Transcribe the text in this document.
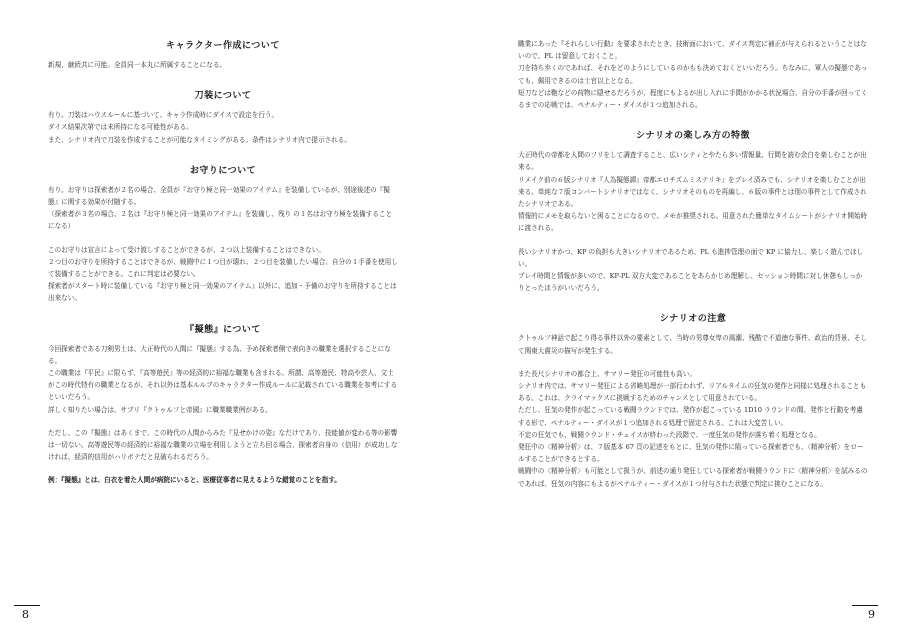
キャラクター作成について

新規、継続共に可能。全員同一本丸に所属することになる。

刀装について

有り。刀装はハウスルールに基づいて、キャラ作成時にダイスで設定を行う。

ダイス結果次第では未所持になる可能性がある。

また、シナリオ内で刀装を作成することが可能なタイミングがある。条件はシナリオ内で提示される。

お守りについて

有り。お守りは探索者が２名の場合、全員が『お守り極と同一効果のアイテム』を装備しているが、別途後述の『擬態』に関する効果が付随する。

（探索者が３名の場合、２名は『お守り極と同一効果のアイテム』を装備し、残り の１名はお守り極を装備すること になる）

このお守りは宣言によって受け渡しすることができるが、２つ以上装備することはできない。

２つ目のお守りを所持することはできるが、戦闘中に１つ目が壊れ、２つ目を装備したい場合、自分の１手番を使用して装備することができる。これに判定は必要ない。

探索者がスタート時に装備している『お守り極と同一効果のアイテム』以外に、追加・予備のお守りを所持することは出来ない。

『擬態』について

今回探索者である刀剣男士は、大正時代の人間に『擬態』する為、予め探索者側で表向きの職業を選択することになる。

この職業は『平民』に限らず、『高等遊民』等の経済的に裕福な職業も含まれる。所謂、高等遊民、特高や芸人、文士がこの時代特有の職業となるが、それ以外は基本ルルブのキャラクター作成ルールに記載されている職業を参考にするといいだろう。

詳しく知りたい場合は、サプリ『クトゥルフと帝國』に職業職業例がある。

ただし、この『擬態』はあくまで、この時代の人間からみた『見せかけの姿』なだけであり、技能値が変わる等の影響は一切ない。高等遊民等の経済的に裕福な職業の立場を利用しようと立ち回る場合、探索者自身の（信用）が成功しなければ、経済的信用がハリボテだと見破られるだろう。

例：『擬態』とは、白衣を着た人間が病院にいると、医療従事者に見えるような錯覚のことを指す。

8

職業にあった『それらしい行動』を要求されたとき、技術面において、ダイス判定に補正が与えられるということはないので、PL は留意しておくこと。

刀を持ち歩くのであれば、それをどのようにしているのかもも決めておくといいだろう。ちなみに、軍人の擬態であっても、佩用できるのは士官以上となる。

短刀などは鞄などの荷物に隠せるだろうが、程度にもよるが出し入れに手間がかかる状況場合、自分の手番が回ってくるまでの応戦では、ペナルティー・ダイスが１つ追加される。

シナリオの楽しみ方の特徴

大正時代の帝都を人間のフリをして調査すること、広いシティとやたら多い情報量、行間を読む余白を楽しむことが出来る。

リメイク前の６版シナリオ『人為擬態譚』帝都エロチズムミステリキ』をプレイ済みでも、シナリオを楽しむことが出来る。単純な７版コンバートシナリオではなく、シナリオそのものを再編し、６版の事件とは別の事件として作成されたシナリオである。

情報的にメモを取らないと困ることになるので、メモが推奨される。用意された簡単なタイムシートがシナリオ開始時に渡される。

長いシナリオかつ、KP の負担も大きいシナリオであるため、PL も進捗管理の面で KP に協力し、楽しく遊んでほしい。

プレイ時間と情報が多いので、KP-PL 双方大変であることをあらかじめ理解し、セッション時間に対し休憩もしっかりとったほうがいいだろう。

シナリオの注意

クトゥルフ神話で起こり得る事件以外の要素として、当時の男尊女卑の風潮、残酷で不道徳な事件、政治的背景、そして関東大震災の描写が発生する。

また長尺シナリオの都合上、サマリー発狂の可能性も高い。

シナリオ内では、サマリー発狂による省略処理が一部行われず、リアルタイムの狂気の発作と同様に処理されることもある。これは、クライマックスに挑戦するためのチャンスとして用意されている。

ただし、狂気の発作が起こっている戦闘ラウンドでは、発作が起こっている 1D10 ラウンドの間、発作と行動を考慮する形で、ペナルティー・ダイスが１つ追加される処理で固定される。これは大変苦しい。

不定の狂気でも、戦闘ラウンド・チェイスが終わった段階で、一度狂気の発作が落ち着く処理となる。

発狂中の〈精神分析〉は、７版基本 67 頁の記述をもとに、狂気の発作に陥っている探索者でも、〈精神分析〉をロールすることができるとする。

戦闘中の〈精神分析〉も可能として扱うが、前述の通り発狂している探索者が戦闘ラウンドに〈精神分析〉を試みるのであれば、狂気の内容にもよるがペナルティー・ダイスが１つ付与された状態で判定に挑むことになる。

9
